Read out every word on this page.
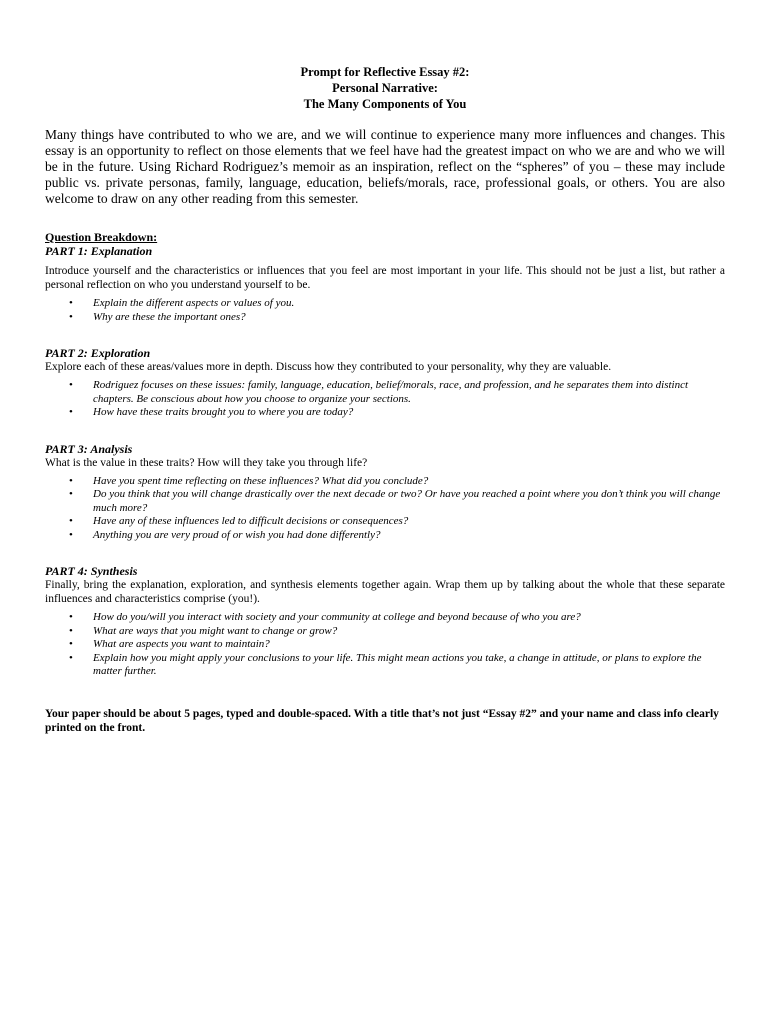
Prompt for Reflective Essay #2:

Personal Narrative:

The Many Components of You

Many things have contributed to who we are, and we will continue to experience many more influences and changes. This essay is an opportunity to reflect on those elements that we feel have had the greatest impact on who we are and who we will be in the future. Using Richard Rodriguez’s memoir as an inspiration, reflect on the “spheres” of you – these may include public vs. private personas, family, language, education, beliefs/morals, race, professional goals, or others. You are also welcome to draw on any other reading from this semester.

Question Breakdown:

PART 1: Explanation

Introduce yourself and the characteristics or influences that you feel are most important in your life. This should not be just a list, but rather a personal reflection on who you understand yourself to be.

• Explain the different aspects or values of you.
• Why are these the important ones?

PART 2: Exploration

Explore each of these areas/values more in depth. Discuss how they contributed to your personality, why they are valuable.

• Rodriguez focuses on these issues: family, language, education, belief/morals, race, and profession, and he separates them into distinct chapters. Be conscious about how you choose to organize your sections.
• How have these traits brought you to where you are today?

PART 3: Analysis

What is the value in these traits? How will they take you through life?

• Have you spent time reflecting on these influences? What did you conclude?
• Do you think that you will change drastically over the next decade or two? Or have you reached a point where you don’t think you will change much more?
• Have any of these influences led to difficult decisions or consequences?
• Anything you are very proud of or wish you had done differently?

PART 4: Synthesis

Finally, bring the explanation, exploration, and synthesis elements together again. Wrap them up by talking about the whole that these separate influences and characteristics comprise (you!).

• How do you/will you interact with society and your community at college and beyond because of who you are?
• What are ways that you might want to change or grow?
• What are aspects you want to maintain?
• Explain how you might apply your conclusions to your life. This might mean actions you take, a change in attitude, or plans to explore the matter further.

Your paper should be about 5 pages, typed and double-spaced. With a title that’s not just “Essay #2” and your name and class info clearly printed on the front.
